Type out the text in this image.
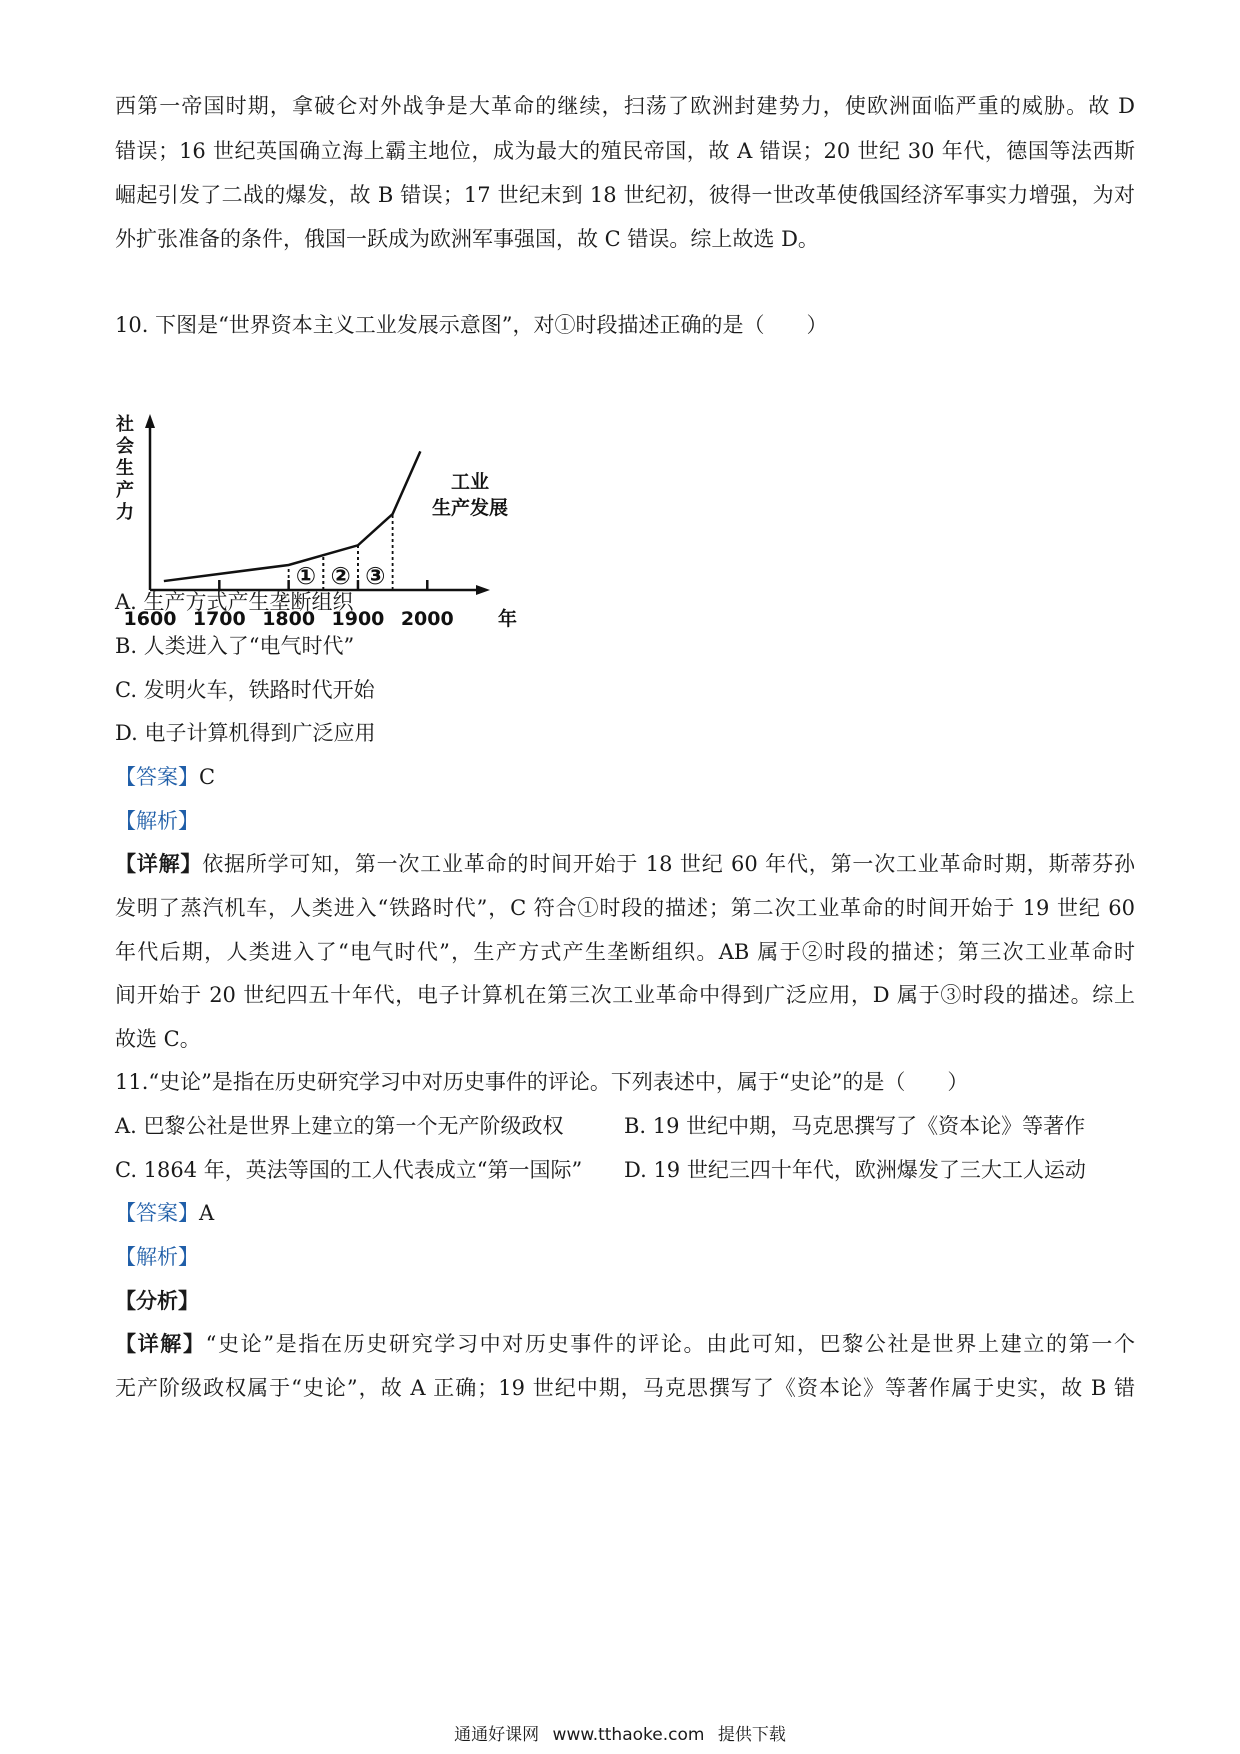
西第一帝国时期，拿破仑对外战争是大革命的继续，扫荡了欧洲封建势力，使欧洲面临严重的威胁。故 D
错误；16 世纪英国确立海上霸主地位，成为最大的殖民帝国，故 A 错误；20 世纪 30 年代，德国等法西斯
崛起引发了二战的爆发，故 B 错误；17 世纪末到 18 世纪初，彼得一世改革使俄国经济军事实力增强，为对
外扩张准备的条件，俄国一跃成为欧洲军事强国，故 C 错误。综上故选 D。
10. 下图是“世界资本主义工业发展示意图”，对①时段描述正确的是（　　）
社
会
生
产
力
1600 1700 1800 1900 2000 年
① ② ③
工业
生产发展
A. 生产方式产生垄断组织
B. 人类进入了“电气时代”
C. 发明火车，铁路时代开始
D. 电子计算机得到广泛应用
【答案】C
【解析】
【详解】依据所学可知，第一次工业革命的时间开始于 18 世纪 60 年代，第一次工业革命时期，斯蒂芬孙
发明了蒸汽机车，人类进入“铁路时代”，C 符合①时段的描述；第二次工业革命的时间开始于 19 世纪 60
年代后期，人类进入了“电气时代”，生产方式产生垄断组织。AB 属于②时段的描述；第三次工业革命时
间开始于 20 世纪四五十年代，电子计算机在第三次工业革命中得到广泛应用，D 属于③时段的描述。综上
故选 C。
11.“史论”是指在历史研究学习中对历史事件的评论。下列表述中，属于“史论”的是（　　）
A. 巴黎公社是世界上建立的第一个无产阶级政权	B. 19 世纪中期，马克思撰写了《资本论》等著作
C. 1864 年，英法等国的工人代表成立“第一国际” D. 19 世纪三四十年代，欧洲爆发了三大工人运动
【答案】A
【解析】
【分析】
【详解】“史论”是指在历史研究学习中对历史事件的评论。由此可知，巴黎公社是世界上建立的第一个
无产阶级政权属于“史论”，故 A 正确；19 世纪中期，马克思撰写了《资本论》等著作属于史实，故 B 错
通通好课网 www.tthaoke.com 提供下载
